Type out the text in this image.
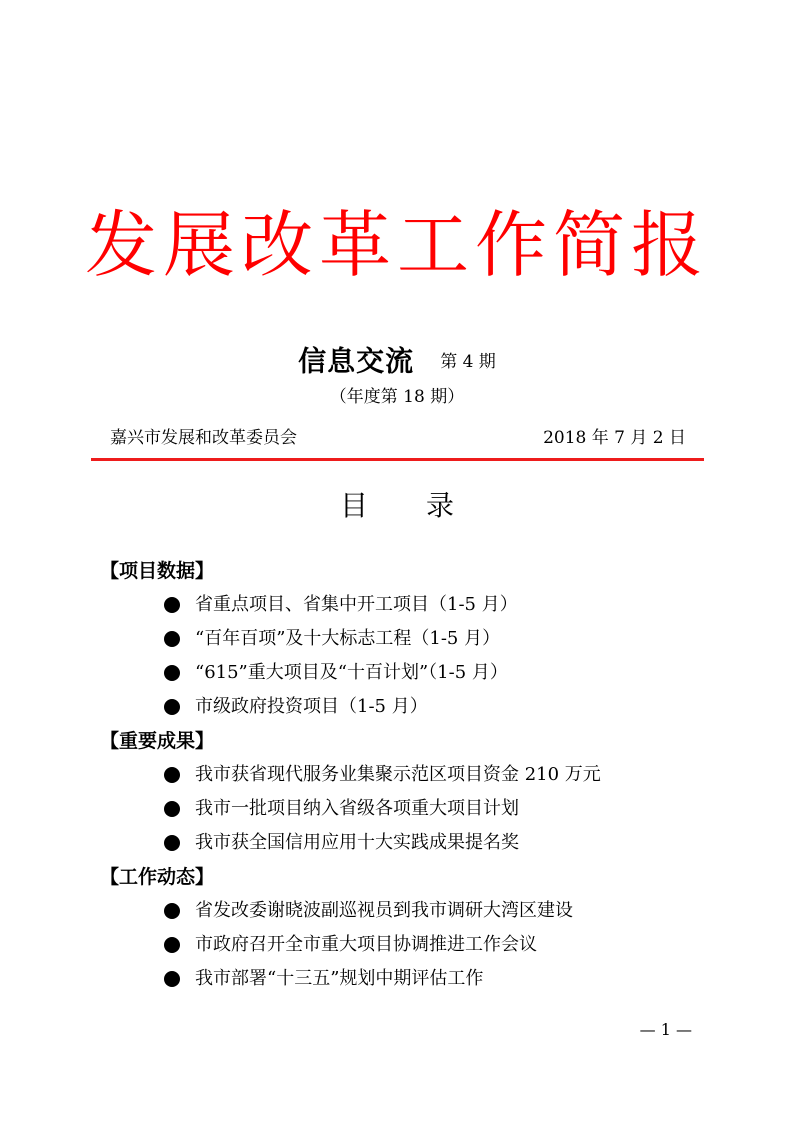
发展改革工作简报
信息交流 第 4 期
（年度第 18 期）
嘉兴市发展和改革委员会	2018 年 7 月 2 日
目录
【项目数据】
省重点项目、省集中开工项目（1-5 月）
“百年百项”及十大标志工程（1-5 月）
“615”重大项目及“十百计划”（1-5 月）
市级政府投资项目（1-5 月）
【重要成果】
我市获省现代服务业集聚示范区项目资金 210 万元
我市一批项目纳入省级各项重大项目计划
我市获全国信用应用十大实践成果提名奖
【工作动态】
省发改委谢晓波副巡视员到我市调研大湾区建设
市政府召开全市重大项目协调推进工作会议
我市部署“十三五”规划中期评估工作
— 1 —
